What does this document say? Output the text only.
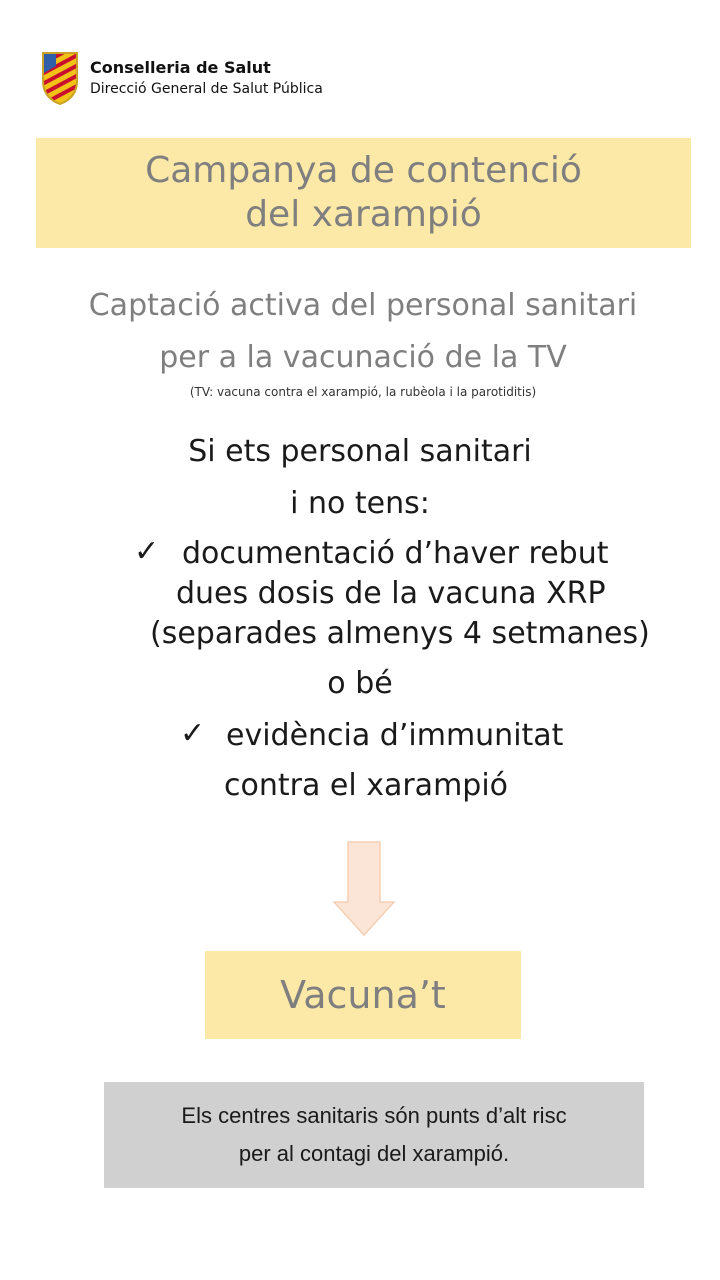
Conselleria de Salut
Direcció General de Salut Pública
Campanya de contenció
del xarampió
Captació activa del personal sanitari
per a la vacunació de la TV
(TV: vacuna contra el xarampió, la rubèola i la parotiditis)
Si ets personal sanitari
i no tens:
✓ documentació d’haver rebut
dues dosis de la vacuna XRP
(separades almenys 4 setmanes)
o bé
✓ evidència d’immunitat
contra el xarampió
Vacuna’t
Els centres sanitaris són punts d’alt risc
per al contagi del xarampió.
